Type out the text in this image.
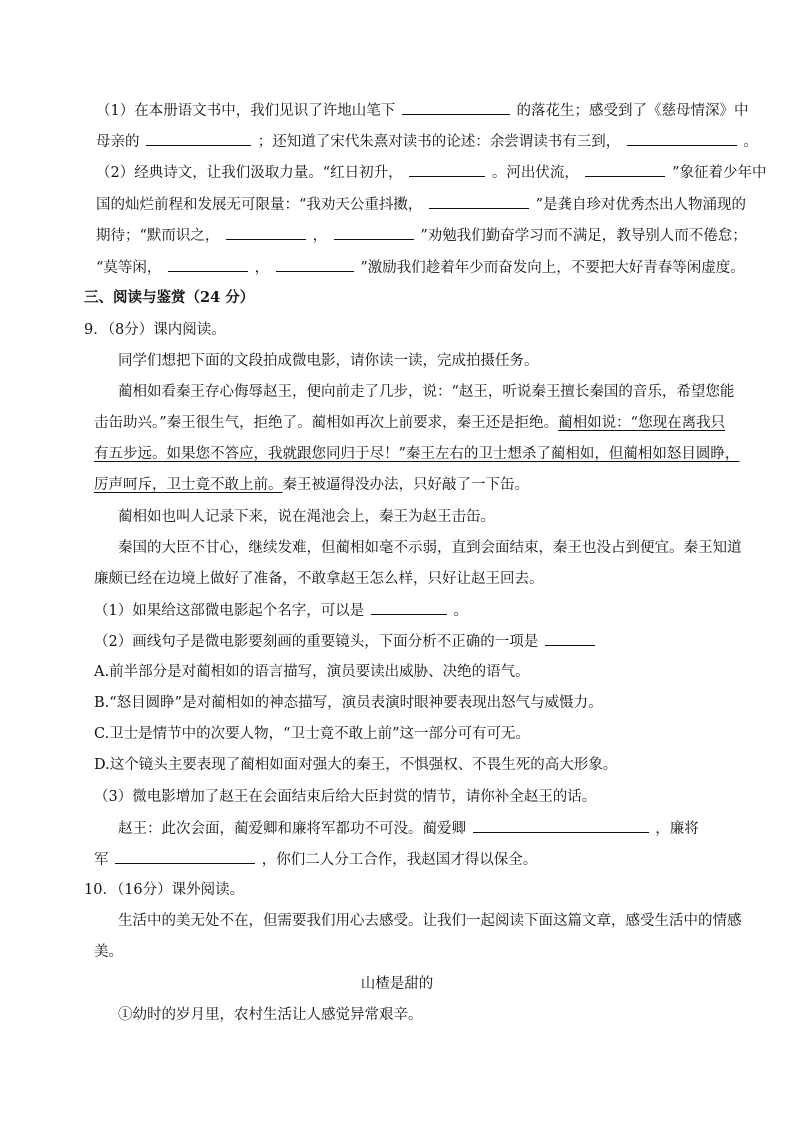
（1）在本册语文书中，我们见识了许地山笔下	的落花生；感受到了《慈母情深》中
母亲的	；还知道了宋代朱熹对读书的论述：余尝谓读书有三到，	。
（2）经典诗文，让我们汲取力量。“红日初升，	。河出伏流，	”象征着少年中
国的灿烂前程和发展无可限量：“我劝天公重抖擞，	”是龚自珍对优秀杰出人物涌现的
期待；“默而识之，	，	”劝勉我们勤奋学习而不满足，教导别人而不倦怠；
“莫等闲，	，	”激励我们趁着年少而奋发向上，不要把大好青春等闲虚度。
三、阅读与鉴赏（24 分）
9．（8分）课内阅读。
同学们想把下面的文段拍成微电影，请你读一读，完成拍摄任务。
蔺相如看秦王存心侮辱赵王，便向前走了几步，说：“赵王，听说秦王擅长秦国的音乐，希望您能
击缶助兴。”秦王很生气，拒绝了。蔺相如再次上前要求，秦王还是拒绝。蔺相如说：“您现在离我只
有五步远。如果您不答应，我就跟您同归于尽！”秦王左右的卫士想杀了蔺相如，但蔺相如怒目圆睁，
厉声呵斥，卫士竟不敢上前。秦王被逼得没办法，只好敲了一下缶。
蔺相如也叫人记录下来，说在渑池会上，秦王为赵王击缶。
秦国的大臣不甘心，继续发难，但蔺相如毫不示弱，直到会面结束，秦王也没占到便宜。秦王知道
廉颇已经在边境上做好了准备，不敢拿赵王怎么样，只好让赵王回去。
（1）如果给这部微电影起个名字，可以是	。
（2）画线句子是微电影要刻画的重要镜头，下面分析不正确的一项是
A.前半部分是对蔺相如的语言描写，演员要读出威胁、决绝的语气。
B.“怒目圆睁”是对蔺相如的神态描写，演员表演时眼神要表现出怒气与威慑力。
C.卫士是情节中的次要人物，“卫士竟不敢上前”这一部分可有可无。
D.这个镜头主要表现了蔺相如面对强大的秦王，不惧强权、不畏生死的高大形象。
（3）微电影增加了赵王在会面结束后给大臣封赏的情节，请你补全赵王的话。
赵王：此次会面，蔺爱卿和廉将军都功不可没。蔺爱卿	，廉将
军	，你们二人分工合作，我赵国才得以保全。
10．（16分）课外阅读。
生活中的美无处不在，但需要我们用心去感受。让我们一起阅读下面这篇文章，感受生活中的情感
美。
山楂是甜的
①幼时的岁月里，农村生活让人感觉异常艰辛。
